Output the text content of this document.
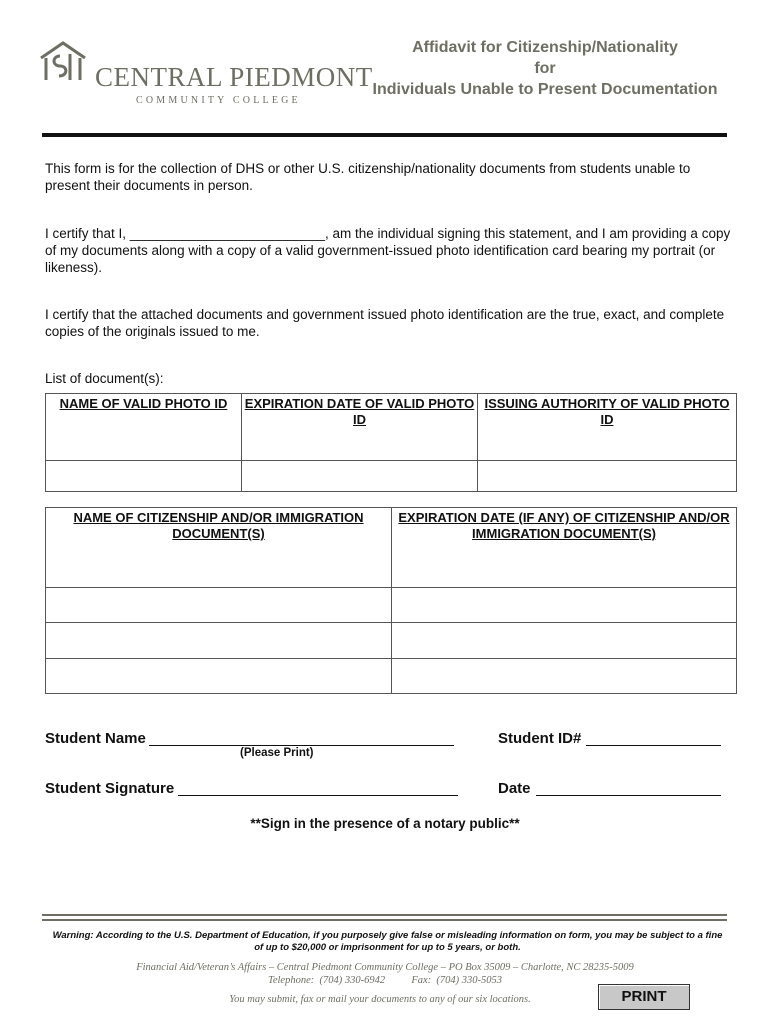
CENTRAL PIEDMONT
COMMUNITY COLLEGE
Affidavit for Citizenship/Nationality
for
Individuals Unable to Present Documentation
This form is for the collection of DHS or other U.S. citizenship/nationality documents from students unable to present their documents in person.
I certify that I, __________________________, am the individual signing this statement, and I am providing a copy of my documents along with a copy of a valid government-issued photo identification card bearing my portrait (or likeness).
I certify that the attached documents and government issued photo identification are the true, exact, and complete copies of the originals issued to me.
List of document(s):
NAME OF VALID PHOTO ID	EXPIRATION DATE OF VALID PHOTO ID	ISSUING AUTHORITY OF VALID PHOTO ID

NAME OF CITIZENSHIP AND/OR IMMIGRATION DOCUMENT(S)	EXPIRATION DATE (IF ANY) OF CITIZENSHIP AND/OR IMMIGRATION DOCUMENT(S)

Student Name
(Please Print)
Student ID#
Student Signature	Date
**Sign in the presence of a notary public**
Warning: According to the U.S. Department of Education, if you purposely give false or misleading information on form, you may be subject to a fine of up to $20,000 or imprisonment for up to 5 years, or both.
Financial Aid/Veteran’s Affairs – Central Piedmont Community College – PO Box 35009 – Charlotte, NC 28235-5009
Telephone:  (704) 330-6942          Fax:  (704) 330-5053
You may submit, fax or mail your documents to any of our six locations.	PRINT
